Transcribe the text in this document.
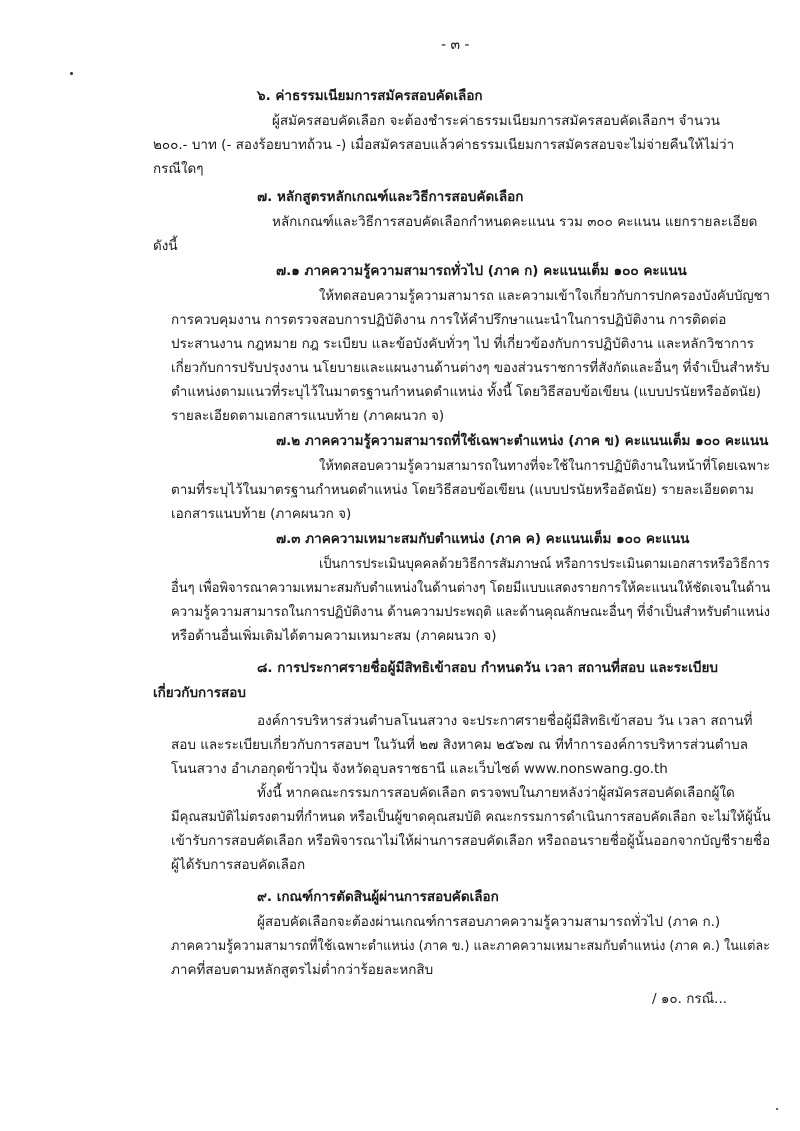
- ๓ -
๖. ค่าธรรมเนียมการสมัครสอบคัดเลือก
ผู้สมัครสอบคัดเลือก จะต้องชำระค่าธรรมเนียมการสมัครสอบคัดเลือกฯ จำนวน
๒๐๐.- บาท (- สองร้อยบาทถ้วน -) เมื่อสมัครสอบแล้วค่าธรรมเนียมการสมัครสอบจะไม่จ่ายคืนให้ไม่ว่า
กรณีใดๆ
๗. หลักสูตรหลักเกณฑ์และวิธีการสอบคัดเลือก
หลักเกณฑ์และวิธีการสอบคัดเลือกกำหนดคะแนน รวม ๓๐๐ คะแนน แยกรายละเอียด
ดังนี้
๗.๑ ภาคความรู้ความสามารถทั่วไป (ภาค ก) คะแนนเต็ม ๑๐๐ คะแนน
ให้ทดสอบความรู้ความสามารถ และความเข้าใจเกี่ยวกับการปกครองบังคับบัญชา
การควบคุมงาน การตรวจสอบการปฏิบัติงาน การให้คำปรึกษาแนะนำในการปฏิบัติงาน การติดต่อ
ประสานงาน กฎหมาย กฎ ระเบียบ และข้อบังคับทั่วๆ ไป ที่เกี่ยวข้องกับการปฏิบัติงาน และหลักวิชาการ
เกี่ยวกับการปรับปรุงงาน นโยบายและแผนงานด้านต่างๆ ของส่วนราชการที่สังกัดและอื่นๆ ที่จำเป็นสำหรับ
ตำแหน่งตามแนวที่ระบุไว้ในมาตรฐานกำหนดตำแหน่ง ทั้งนี้ โดยวิธีสอบข้อเขียน (แบบปรนัยหรืออัตนัย)
รายละเอียดตามเอกสารแนบท้าย (ภาคผนวก จ)
๗.๒ ภาคความรู้ความสามารถที่ใช้เฉพาะตำแหน่ง (ภาค ข) คะแนนเต็ม ๑๐๐ คะแนน
ให้ทดสอบความรู้ความสามารถในทางที่จะใช้ในการปฏิบัติงานในหน้าที่โดยเฉพาะ
ตามที่ระบุไว้ในมาตรฐานกำหนดตำแหน่ง โดยวิธีสอบข้อเขียน (แบบปรนัยหรืออัตนัย) รายละเอียดตาม
เอกสารแนบท้าย (ภาคผนวก จ)
๗.๓ ภาคความเหมาะสมกับตำแหน่ง (ภาค ค) คะแนนเต็ม ๑๐๐ คะแนน
เป็นการประเมินบุคคลด้วยวิธีการสัมภาษณ์ หรือการประเมินตามเอกสารหรือวิธีการ
อื่นๆ เพื่อพิจารณาความเหมาะสมกับตำแหน่งในด้านต่างๆ โดยมีแบบแสดงรายการให้คะแนนให้ชัดเจนในด้าน
ความรู้ความสามารถในการปฏิบัติงาน ด้านความประพฤติ และด้านคุณลักษณะอื่นๆ ที่จำเป็นสำหรับตำแหน่ง
หรือด้านอื่นเพิ่มเติมได้ตามความเหมาะสม (ภาคผนวก จ)
๘. การประกาศรายชื่อผู้มีสิทธิเข้าสอบ กำหนดวัน เวลา สถานที่สอบ และระเบียบ
เกี่ยวกับการสอบ
องค์การบริหารส่วนตำบลโนนสวาง จะประกาศรายชื่อผู้มีสิทธิเข้าสอบ วัน เวลา สถานที่
สอบ และระเบียบเกี่ยวกับการสอบฯ ในวันที่ ๒๗ สิงหาคม ๒๕๖๗ ณ ที่ทำการองค์การบริหารส่วนตำบล
โนนสวาง อำเภอกุดข้าวปุ้น จังหวัดอุบลราชธานี และเว็บไซต์ www.nonswang.go.th
ทั้งนี้ หากคณะกรรมการสอบคัดเลือก ตรวจพบในภายหลังว่าผู้สมัครสอบคัดเลือกผู้ใด
มีคุณสมบัติไม่ตรงตามที่กำหนด หรือเป็นผู้ขาดคุณสมบัติ คณะกรรมการดำเนินการสอบคัดเลือก จะไม่ให้ผู้นั้น
เข้ารับการสอบคัดเลือก หรือพิจารณาไม่ให้ผ่านการสอบคัดเลือก หรือถอนรายชื่อผู้นั้นออกจากบัญชีรายชื่อ
ผู้ได้รับการสอบคัดเลือก
๙. เกณฑ์การตัดสินผู้ผ่านการสอบคัดเลือก
ผู้สอบคัดเลือกจะต้องผ่านเกณฑ์การสอบภาคความรู้ความสามารถทั่วไป (ภาค ก.)
ภาคความรู้ความสามารถที่ใช้เฉพาะตำแหน่ง (ภาค ข.) และภาคความเหมาะสมกับตำแหน่ง (ภาค ค.) ในแต่ละ
ภาคที่สอบตามหลักสูตรไม่ต่ำกว่าร้อยละหกสิบ
/ ๑๐. กรณี...
